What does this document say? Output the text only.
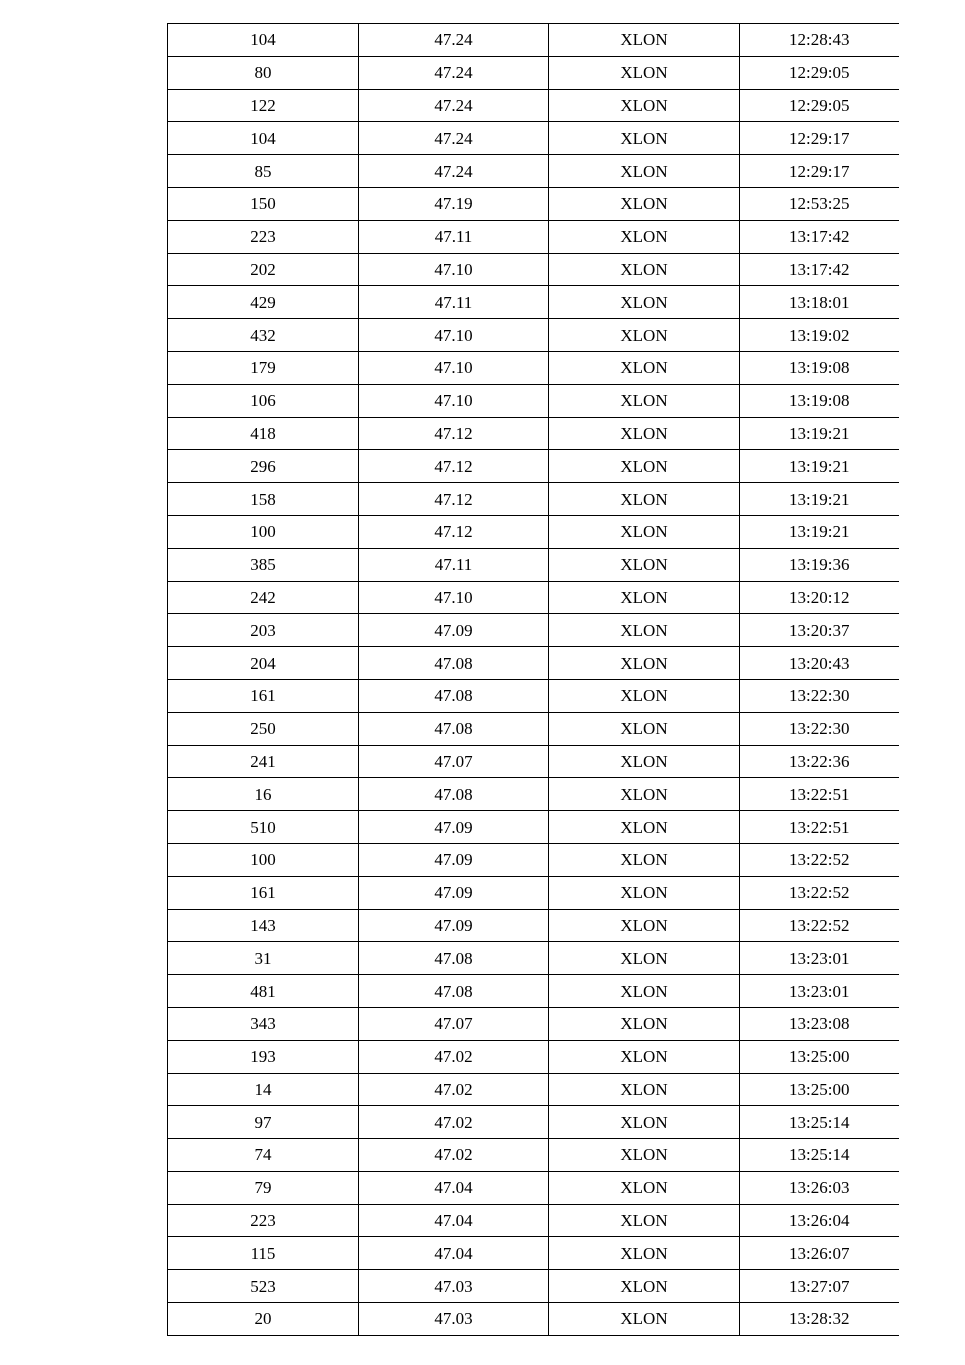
104	47.24	XLON	12:28:43
80	47.24	XLON	12:29:05
122	47.24	XLON	12:29:05
104	47.24	XLON	12:29:17
85	47.24	XLON	12:29:17
150	47.19	XLON	12:53:25
223	47.11	XLON	13:17:42
202	47.10	XLON	13:17:42
429	47.11	XLON	13:18:01
432	47.10	XLON	13:19:02
179	47.10	XLON	13:19:08
106	47.10	XLON	13:19:08
418	47.12	XLON	13:19:21
296	47.12	XLON	13:19:21
158	47.12	XLON	13:19:21
100	47.12	XLON	13:19:21
385	47.11	XLON	13:19:36
242	47.10	XLON	13:20:12
203	47.09	XLON	13:20:37
204	47.08	XLON	13:20:43
161	47.08	XLON	13:22:30
250	47.08	XLON	13:22:30
241	47.07	XLON	13:22:36
16	47.08	XLON	13:22:51
510	47.09	XLON	13:22:51
100	47.09	XLON	13:22:52
161	47.09	XLON	13:22:52
143	47.09	XLON	13:22:52
31	47.08	XLON	13:23:01
481	47.08	XLON	13:23:01
343	47.07	XLON	13:23:08
193	47.02	XLON	13:25:00
14	47.02	XLON	13:25:00
97	47.02	XLON	13:25:14
74	47.02	XLON	13:25:14
79	47.04	XLON	13:26:03
223	47.04	XLON	13:26:04
115	47.04	XLON	13:26:07
523	47.03	XLON	13:27:07
20	47.03	XLON	13:28:32
